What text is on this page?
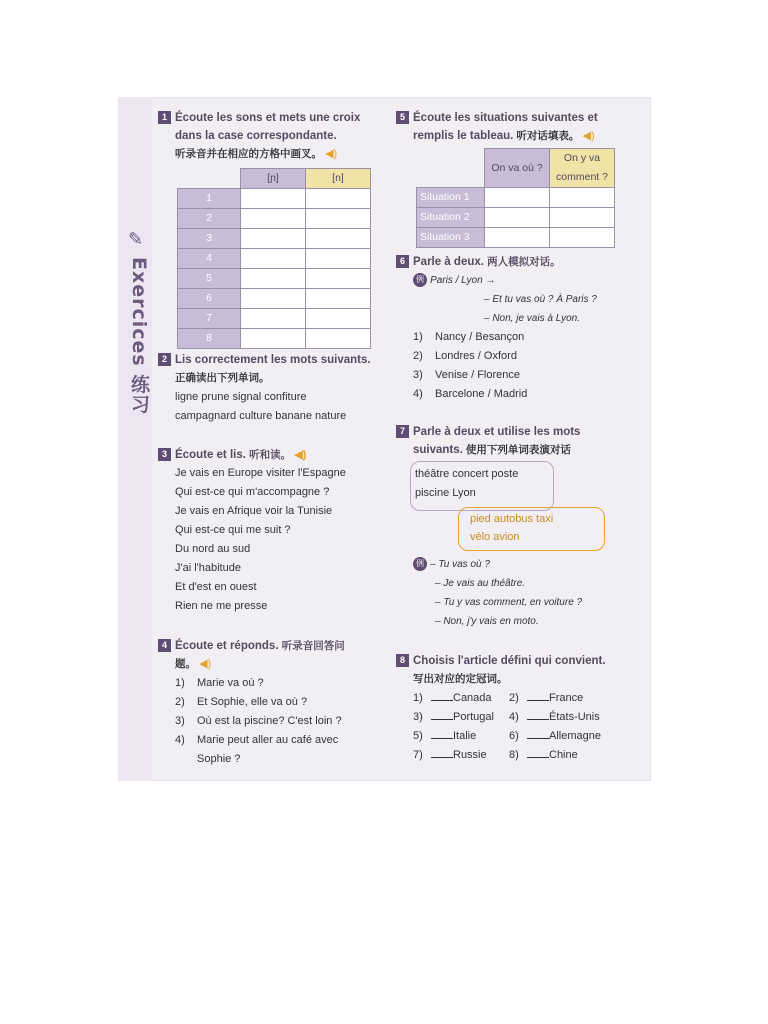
✎
Exercices 练习
1 Écoute les sons et mets une croix
dans la case correspondante.
听录音并在相应的方格中画叉。 ◀)
	[ɲ]	[n]
1		
2		
3		
4		
5		
6		
7		
8		
2 Lis correctement les mots suivants.
正确读出下列单词。
ligne prune signal confiture
campagnard culture banane nature
3 Écoute et lis. 听和读。 ◀)
Je vais en Europe visiter l'Espagne
Qui est-ce qui m'accompagne ?
Je vais en Afrique voir la Tunisie
Qui est-ce qui me suit ?
Du nord au sud
J'ai l'habitude
Et d'est en ouest
Rien ne me presse
4 Écoute et réponds. 听录音回答问
题。 ◀)
1) Marie va où ?
2) Et Sophie, elle va où ?
3) Où est la piscine? C'est loin ?
4) Marie peut aller au café avec
Sophie ?
5 Écoute les situations suivantes et
remplis le tableau. 听对话填表。 ◀)
	On va où ?	On y va comment ?
Situation 1		
Situation 2		
Situation 3		
6 Parle à deux. 两人模拟对话。
例 Paris / Lyon →
– Et tu vas où ? À Paris ?
– Non, je vais à Lyon.
1) Nancy / Besançon
2) Londres / Oxford
3) Venise / Florence
4) Barcelone / Madrid
7 Parle à deux et utilise les mots
suivants. 使用下列单词表演对话
théâtre concert poste
piscine Lyon
pied autobus taxi
vélo avion
例 – Tu vas où ?
– Je vais au théâtre.
– Tu y vas comment, en voiture ?
– Non, j'y vais en moto.
8 Choisis l'article défini qui convient.
写出对应的定冠词。
1)	Canada 2)	France
3)	Portugal 4)	États-Unis
5)	Italie	6)	Allemagne
7)	Russie 8)	Chine
